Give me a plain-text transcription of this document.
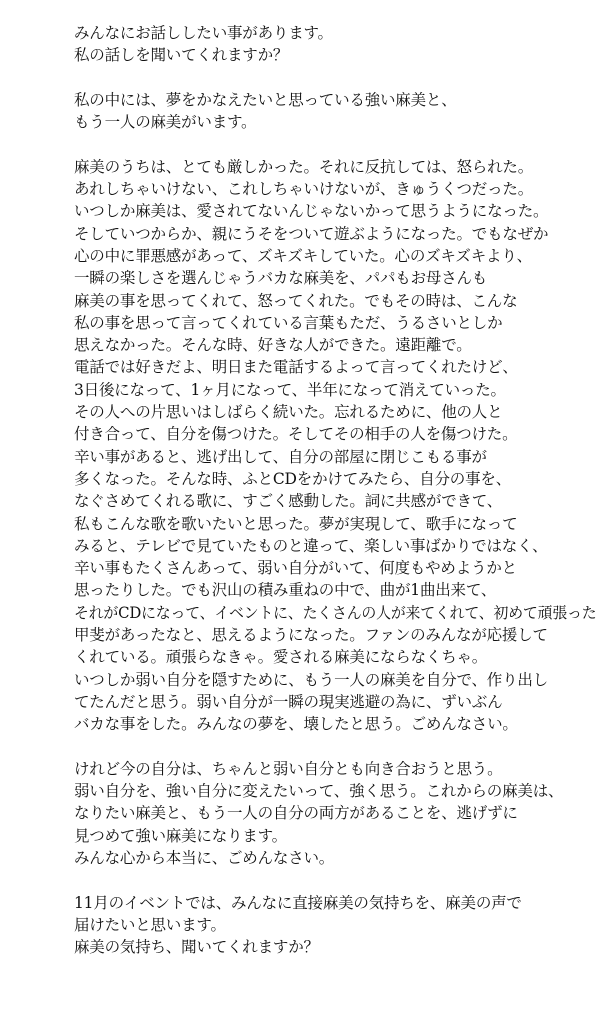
みんなにお話ししたい事があります。
私の話しを聞いてくれますか？
私の中には、夢をかなえたいと思っている強い麻美と、
もう一人の麻美がいます。
麻美のうちは、とても厳しかった。それに反抗しては、怒られた。
あれしちゃいけない、これしちゃいけないが、きゅうくつだった。
いつしか麻美は、愛されてないんじゃないかって思うようになった。
そしていつからか、親にうそをついて遊ぶようになった。でもなぜか
心の中に罪悪感があって、ズキズキしていた。心のズキズキより、
一瞬の楽しさを選んじゃうバカな麻美を、パパもお母さんも
麻美の事を思ってくれて、怒ってくれた。でもその時は、こんな
私の事を思って言ってくれている言葉もただ、うるさいとしか
思えなかった。そんな時、好きな人ができた。遠距離で。
電話では好きだよ、明日また電話するよって言ってくれたけど、
3日後になって、1ヶ月になって、半年になって消えていった。
その人への片思いはしばらく続いた。忘れるために、他の人と
付き合って、自分を傷つけた。そしてその相手の人を傷つけた。
辛い事があると、逃げ出して、自分の部屋に閉じこもる事が
多くなった。そんな時、ふとCDをかけてみたら、自分の事を、
なぐさめてくれる歌に、すごく感動した。詞に共感ができて、
私もこんな歌を歌いたいと思った。夢が実現して、歌手になって
みると、テレビで見ていたものと違って、楽しい事ばかりではなく、
辛い事もたくさんあって、弱い自分がいて、何度もやめようかと
思ったりした。でも沢山の積み重ねの中で、曲が1曲出来て、
それがCDになって、イベントに、たくさんの人が来てくれて、初めて頑張った
甲斐があったなと、思えるようになった。ファンのみんなが応援して
くれている。頑張らなきゃ。愛される麻美にならなくちゃ。
いつしか弱い自分を隠すために、もう一人の麻美を自分で、作り出し
てたんだと思う。弱い自分が一瞬の現実逃避の為に、ずいぶん
バカな事をした。みんなの夢を、壊したと思う。ごめんなさい。
けれど今の自分は、ちゃんと弱い自分とも向き合おうと思う。
弱い自分を、強い自分に変えたいって、強く思う。これからの麻美は、
なりたい麻美と、もう一人の自分の両方があることを、逃げずに
見つめて強い麻美になります。
みんな心から本当に、ごめんなさい。
11月のイベントでは、みんなに直接麻美の気持ちを、麻美の声で
届けたいと思います。
麻美の気持ち、聞いてくれますか？
